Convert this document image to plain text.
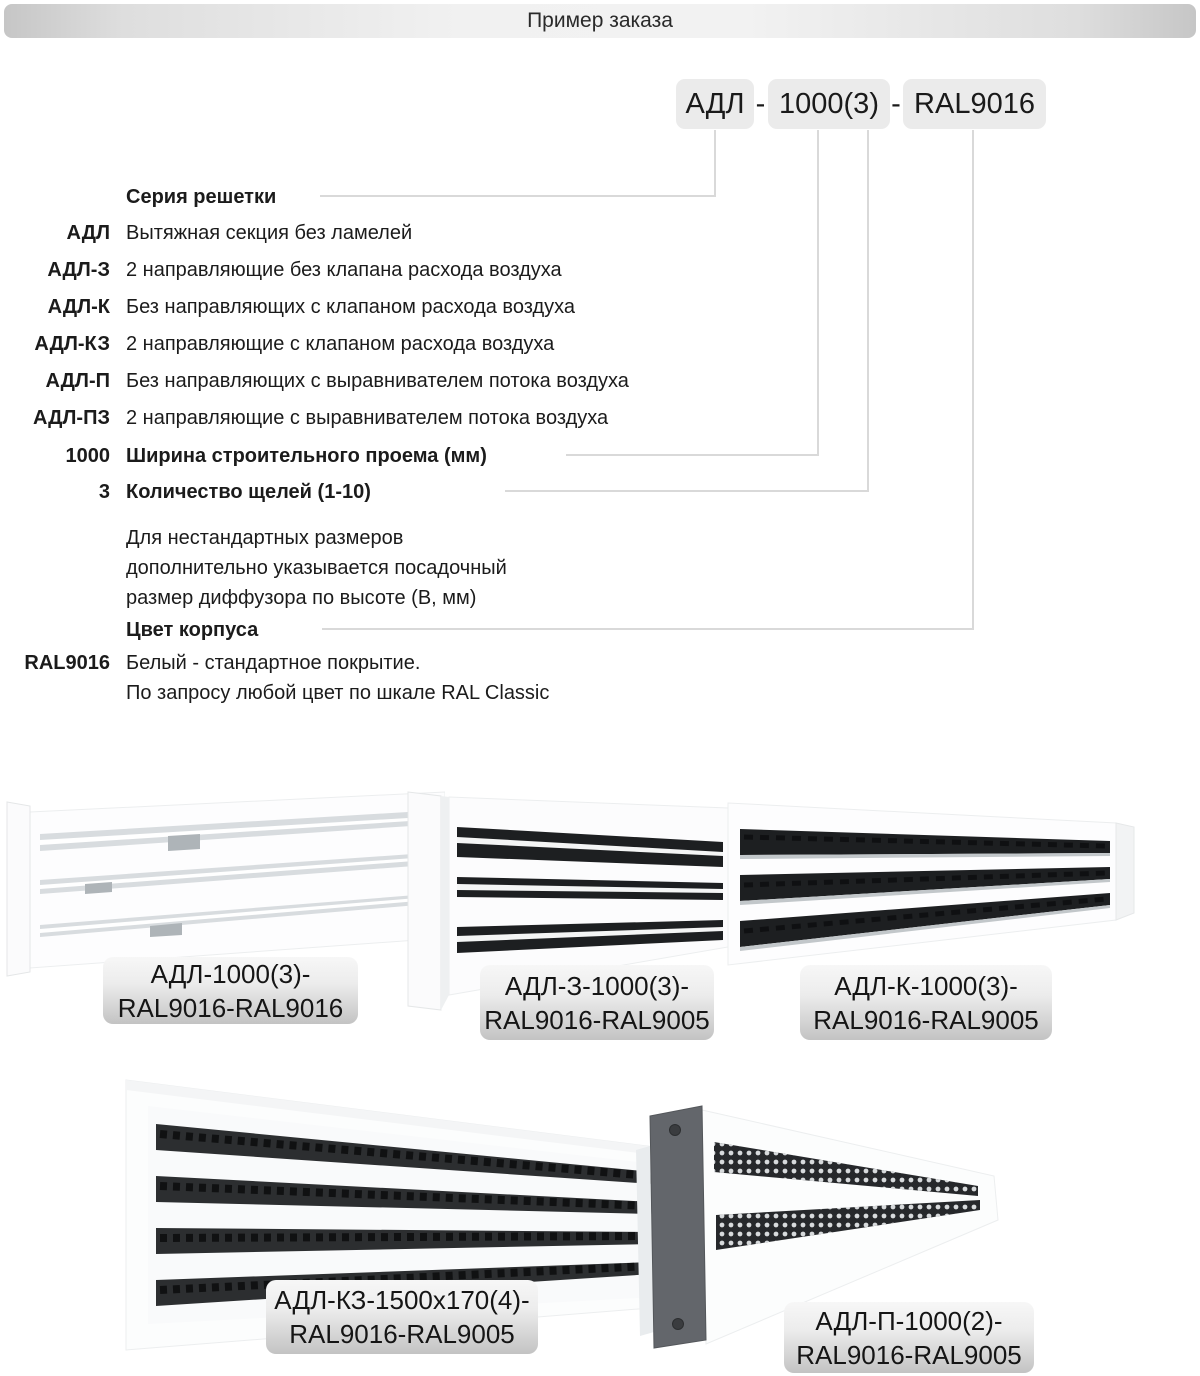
Пример заказа
АДЛ - 1000(3) - RAL9016
Серия решетки
АДЛ Вытяжная секция без ламелей
АДЛ-З 2 направляющие без клапана расхода воздуха
АДЛ-К Без направляющих с клапаном расхода воздуха
АДЛ-КЗ 2 направляющие с клапаном расхода воздуха
АДЛ-П Без направляющих с выравнивателем потока воздуха
АДЛ-ПЗ 2 направляющие с выравнивателем потока воздуха
1000 Ширина строительного проема (мм)
3 Количество щелей (1-10)
Для нестандартных размеров
дополнительно указывается посадочный
размер диффузора по высоте (В, мм)
Цвет корпуса
RAL9016 Белый - стандартное покрытие.
По запросу любой цвет по шкале RAL Classic
АДЛ-1000(3)-
RAL9016-RAL9016
АДЛ-З-1000(3)-
RAL9016-RAL9005
АДЛ-К-1000(3)-
RAL9016-RAL9005
АДЛ-КЗ-1500х170(4)-
RAL9016-RAL9005	АДЛ-П-1000(2)-
RAL9016-RAL9005
